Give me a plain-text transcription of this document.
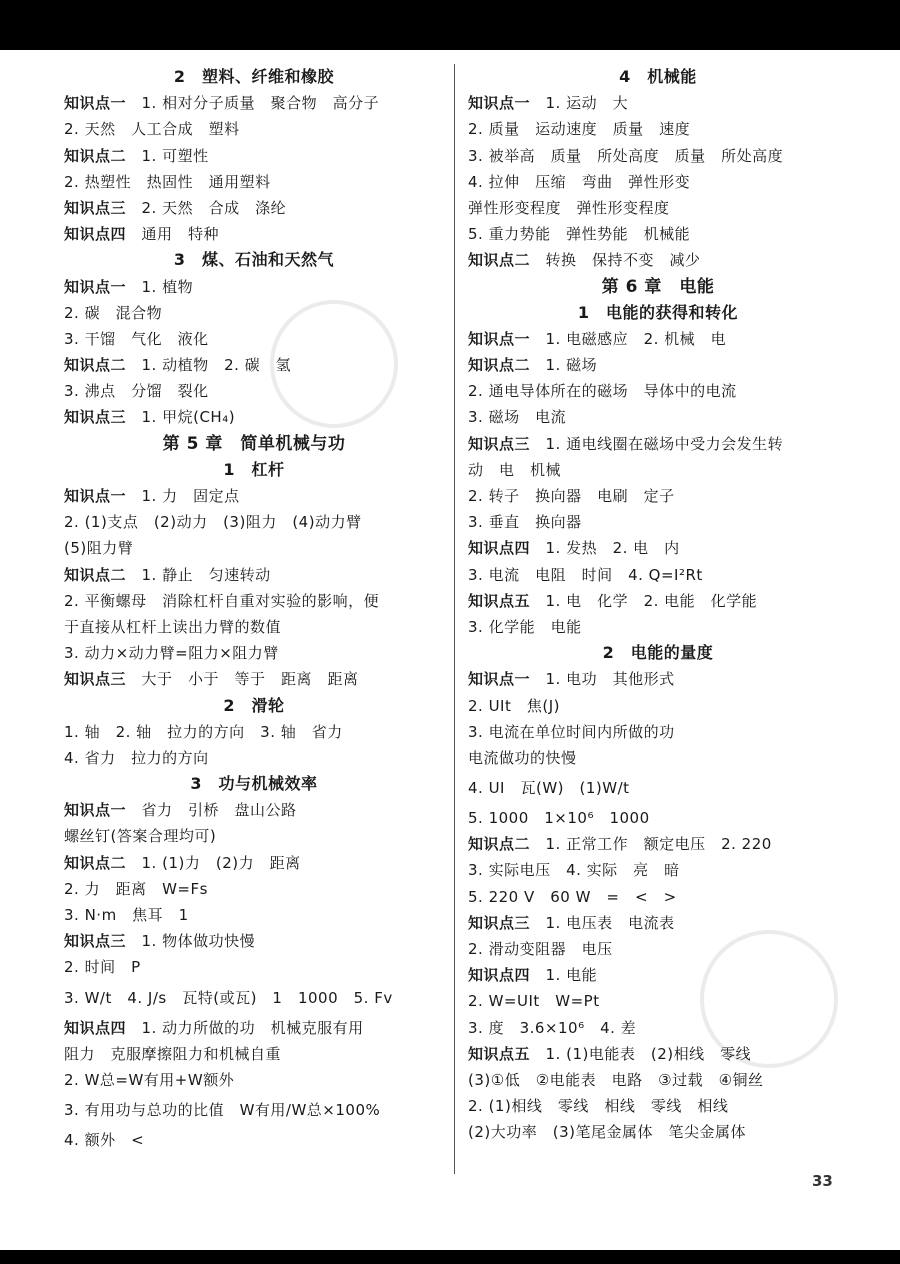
2　塑料、纤维和橡胶
知识点一　1. 相对分子质量　聚合物　高分子
2. 天然　人工合成　塑料
知识点二　1. 可塑性
2. 热塑性　热固性　通用塑料
知识点三　2. 天然　合成　涤纶
知识点四　通用　特种
3　煤、石油和天然气
知识点一　1. 植物
2. 碳　混合物
3. 干馏　气化　液化
知识点二　1. 动植物　2. 碳　氢
3. 沸点　分馏　裂化
知识点三　1. 甲烷(CH₄)
第 5 章　简单机械与功
1　杠杆
知识点一　1. 力　固定点
2. (1)支点　(2)动力　(3)阻力　(4)动力臂
(5)阻力臂
知识点二　1. 静止　匀速转动
2. 平衡螺母　消除杠杆自重对实验的影响，便
于直接从杠杆上读出力臂的数值
3. 动力×动力臂=阻力×阻力臂
知识点三　大于　小于　等于　距离　距离
2　滑轮
1. 轴　2. 轴　拉力的方向　3. 轴　省力
4. 省力　拉力的方向
3　功与机械效率
知识点一　省力　引桥　盘山公路
螺丝钉(答案合理均可)
知识点二　1. (1)力　(2)力　距离
2. 力　距离　W=Fs
3. N·m　焦耳　1
知识点三　1. 物体做功快慢
2. 时间　P
3. W/t　4. J/s　瓦特(或瓦)　1　1000　5. Fv
知识点四　1. 动力所做的功　机械克服有用
阻力　克服摩擦阻力和机械自重
2. W总=W有用+W额外
3. 有用功与总功的比值　W有用/W总×100%
4. 额外　<
4　机械能
知识点一　1. 运动　大
2. 质量　运动速度　质量　速度
3. 被举高　质量　所处高度　质量　所处高度
4. 拉伸　压缩　弯曲　弹性形变
弹性形变程度　弹性形变程度
5. 重力势能　弹性势能　机械能
知识点二　转换　保持不变　减少
第 6 章　电能
1　电能的获得和转化
知识点一　1. 电磁感应　2. 机械　电
知识点二　1. 磁场
2. 通电导体所在的磁场　导体中的电流
3. 磁场　电流
知识点三　1. 通电线圈在磁场中受力会发生转
动　电　机械
2. 转子　换向器　电刷　定子
3. 垂直　换向器
知识点四　1. 发热　2. 电　内
3. 电流　电阻　时间　4. Q=I²Rt
知识点五　1. 电　化学　2. 电能　化学能
3. 化学能　电能
2　电能的量度
知识点一　1. 电功　其他形式
2. UIt　焦(J)
3. 电流在单位时间内所做的功
电流做功的快慢
4. UI　瓦(W)　(1)W/t
5. 1000　1×10⁶　1000
知识点二　1. 正常工作　额定电压　2. 220
3. 实际电压　4. 实际　亮　暗
5. 220 V　60 W　=　<　>
知识点三　1. 电压表　电流表
2. 滑动变阻器　电压
知识点四　1. 电能
2. W=UIt　W=Pt
3. 度　3.6×10⁶　4. 差
知识点五　1. (1)电能表　(2)相线　零线
(3)①低　②电能表　电路　③过载　④铜丝
2. (1)相线　零线　相线　零线　相线
(2)大功率　(3)笔尾金属体　笔尖金属体
33
